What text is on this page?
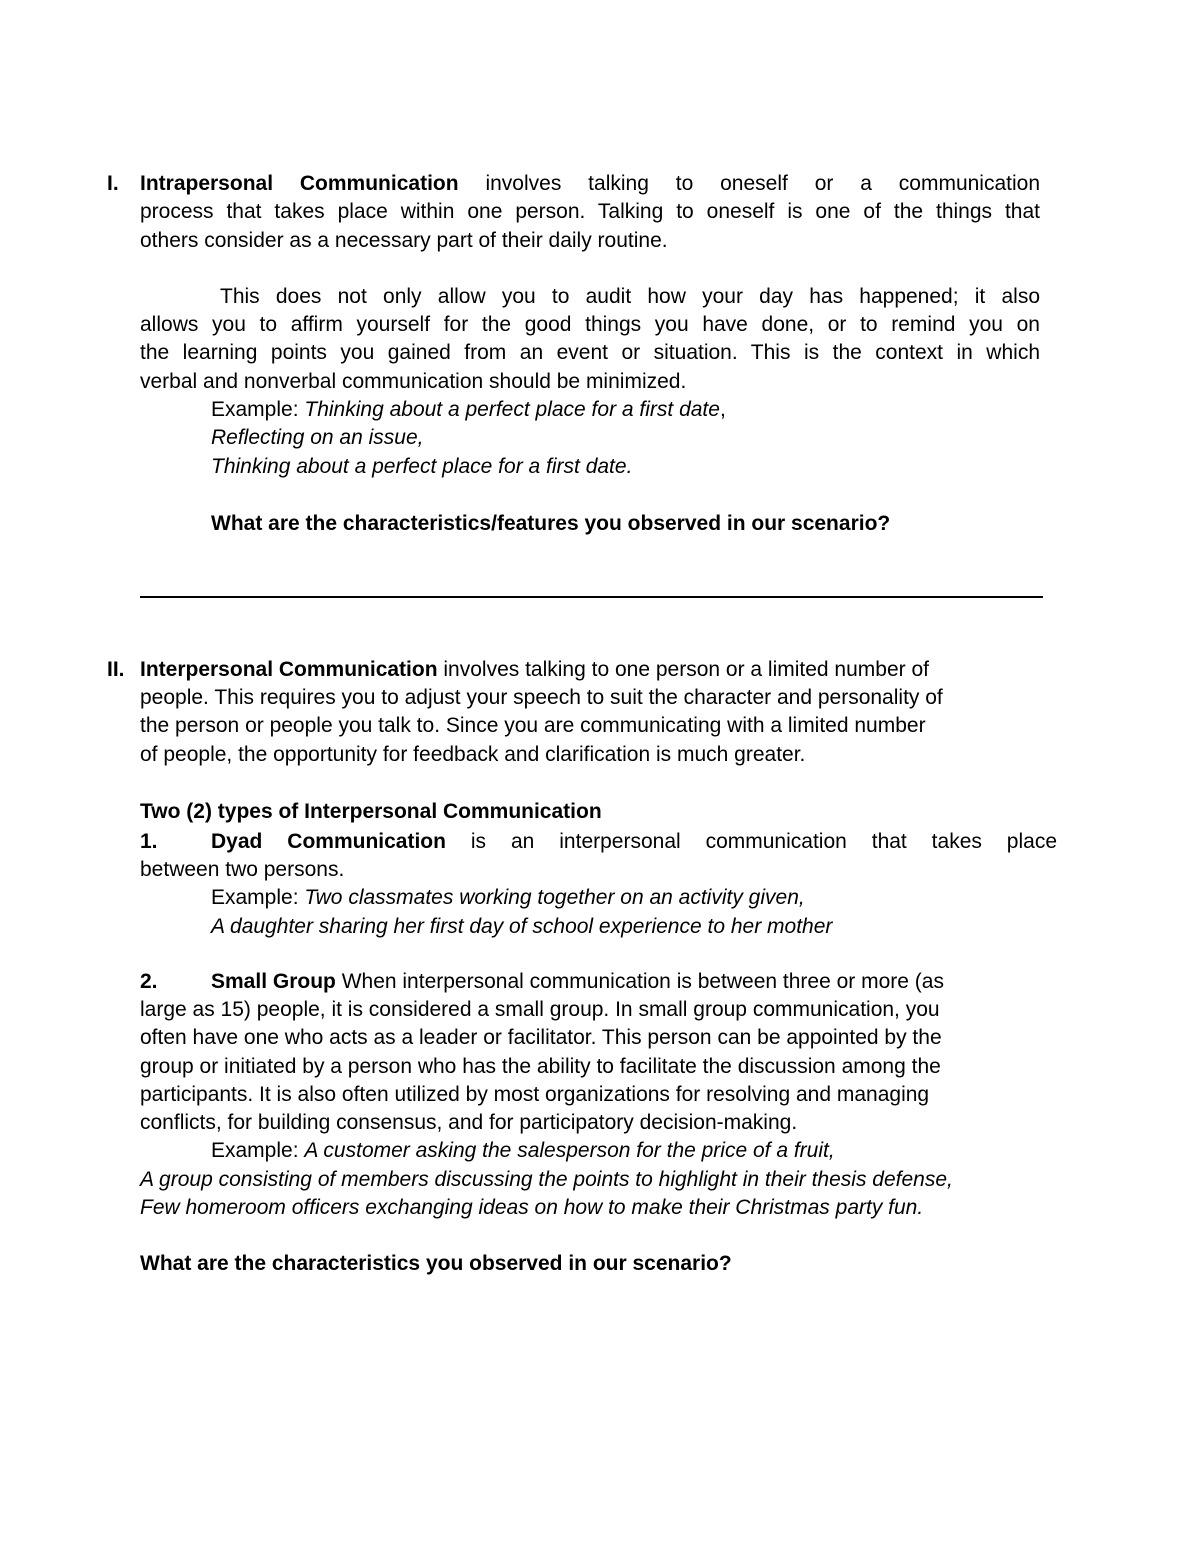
I. Intrapersonal Communication involves talking to oneself or a communication
process that takes place within one person. Talking to oneself is one of the things that
others consider as a necessary part of their daily routine.
This does not only allow you to audit how your day has happened; it also
allows you to affirm yourself for the good things you have done, or to remind you on
the learning points you gained from an event or situation. This is the context in which
verbal and nonverbal communication should be minimized.
Example: Thinking about a perfect place for a first date,
Reflecting on an issue,
Thinking about a perfect place for a first date.
What are the characteristics/features you observed in our scenario?
II. Interpersonal Communication involves talking to one person or a limited number of
people. This requires you to adjust your speech to suit the character and personality of
the person or people you talk to. Since you are communicating with a limited number
of people, the opportunity for feedback and clarification is much greater.
Two (2) types of Interpersonal Communication
1.	Dyad Communication is an interpersonal communication that takes place
between two persons.
Example: Two classmates working together on an activity given,
A daughter sharing her first day of school experience to her mother
2.	Small Group When interpersonal communication is between three or more (as
large as 15) people, it is considered a small group. In small group communication, you
often have one who acts as a leader or facilitator. This person can be appointed by the
group or initiated by a person who has the ability to facilitate the discussion among the
participants. It is also often utilized by most organizations for resolving and managing
conflicts, for building consensus, and for participatory decision-making.
Example: A customer asking the salesperson for the price of a fruit,
A group consisting of members discussing the points to highlight in their thesis defense,
Few homeroom officers exchanging ideas on how to make their Christmas party fun.
What are the characteristics you observed in our scenario?
